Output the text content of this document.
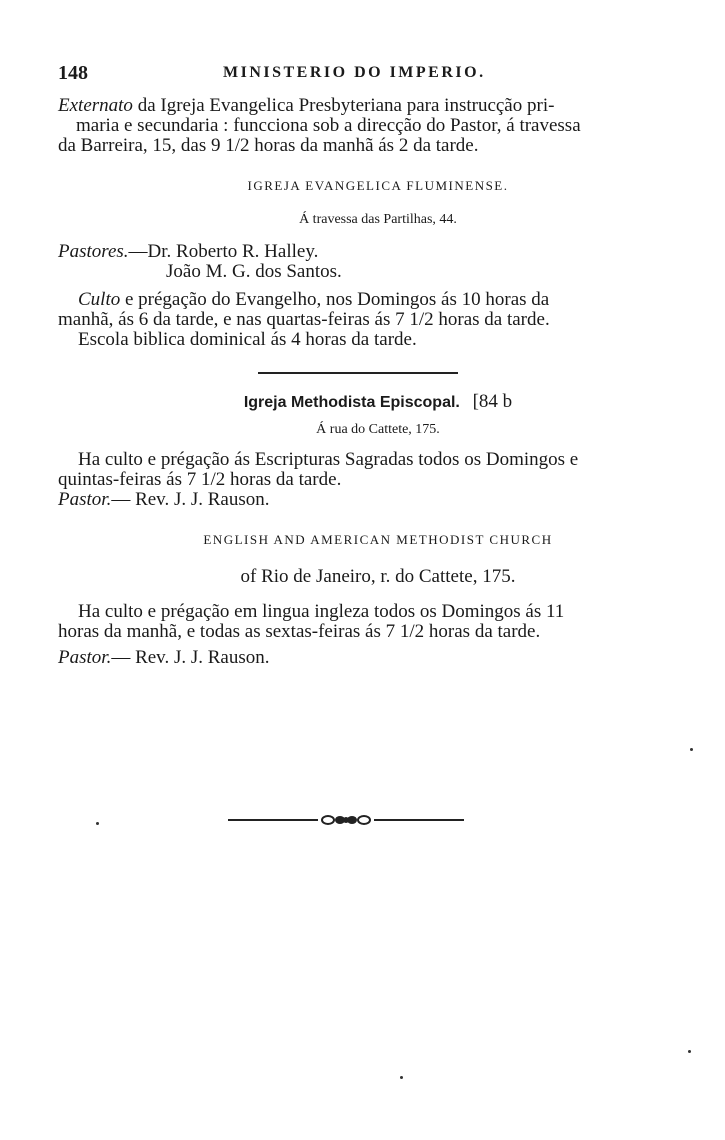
148	MINISTERIO DO IMPERIO.
Externato da Igreja Evangelica Presbyteriana para instrucção pri-
maria e secundaria : funcciona sob a direcção do Pastor, á travessa
da Barreira, 15, das 9 1/2 horas da manhã ás 2 da tarde.
IGREJA EVANGELICA FLUMINENSE.
Á travessa das Partilhas, 44.
Pastores.—Dr. Roberto R. Halley.
João M. G. dos Santos.
Culto e prégação do Evangelho, nos Domingos ás 10 horas da
manhã, ás 6 da tarde, e nas quartas-feiras ás 7 1/2 horas da tarde.
Escola biblica dominical ás 4 horas da tarde.
Igreja Methodista Episcopal. [84 b
Á rua do Cattete, 175.
Ha culto e prégação ás Escripturas Sagradas todos os Domingos e
quintas-feiras ás 7 1/2 horas da tarde.
Pastor.— Rev. J. J. Rauson.
ENGLISH AND AMERICAN METHODIST CHURCH
of Rio de Janeiro, r. do Cattete, 175.
Ha culto e prégação em lingua ingleza todos os Domingos ás 11
horas da manhã, e todas as sextas-feiras ás 7 1/2 horas da tarde.
Pastor.— Rev. J. J. Rauson.
